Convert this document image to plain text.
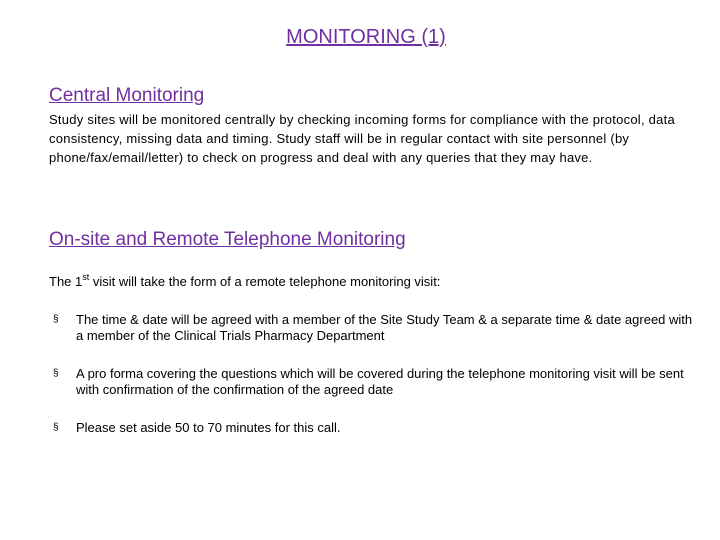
MONITORING (1)
Central Monitoring
Study sites will be monitored centrally by checking incoming forms for compliance with the protocol, data consistency, missing data and timing. Study staff will be in regular contact with site personnel (by phone/fax/email/letter) to check on progress and deal with any queries that they may have.
On-site and Remote Telephone Monitoring
The 1st visit will take the form of a remote telephone monitoring visit:
§ The time & date will be agreed with a member of the Site Study Team & a separate time & date agreed with a member of the Clinical Trials Pharmacy Department
§ A pro forma covering the questions which will be covered during the telephone monitoring visit will be sent with confirmation of the confirmation of the agreed date
§ Please set aside 50 to 70 minutes for this call.
